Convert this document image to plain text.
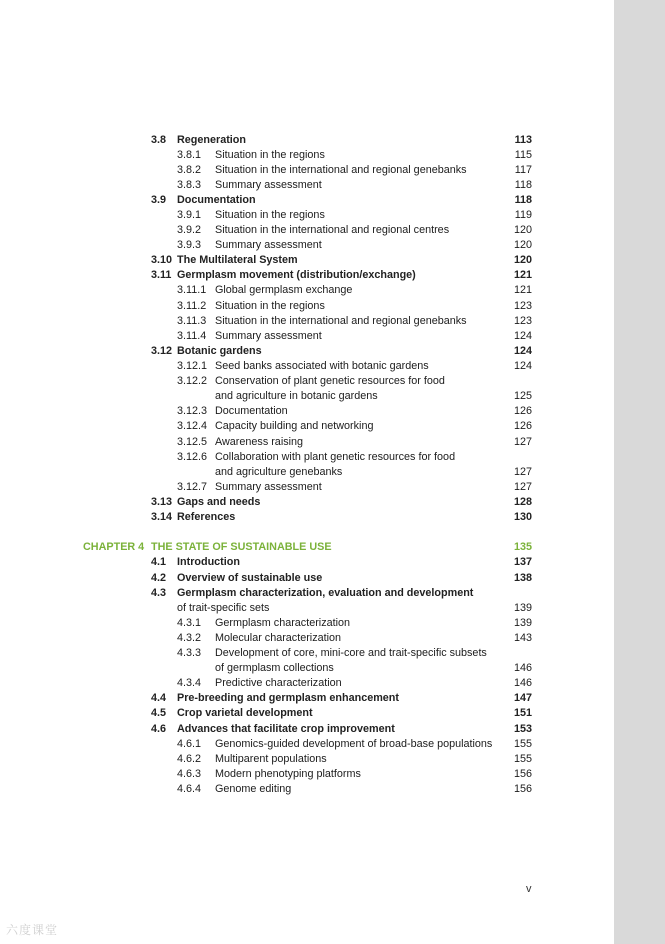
3.8 Regeneration	113
3.8.1 Situation in the regions	115
3.8.2 Situation in the international and regional genebanks	117
3.8.3 Summary assessment	118
3.9 Documentation	118
3.9.1 Situation in the regions	119
3.9.2 Situation in the international and regional centres	120
3.9.3 Summary assessment	120
3.10 The Multilateral System	120
3.11 Germplasm movement (distribution/exchange)	121
3.11.1 Global germplasm exchange	121
3.11.2 Situation in the regions	123
3.11.3 Situation in the international and regional genebanks	123
3.11.4 Summary assessment	124
3.12 Botanic gardens	124
3.12.1 Seed banks associated with botanic gardens	124
3.12.2 Conservation of plant genetic resources for food
and agriculture in botanic gardens	125
3.12.3 Documentation	126
3.12.4 Capacity building and networking	126
3.12.5 Awareness raising	127
3.12.6 Collaboration with plant genetic resources for food
and agriculture genebanks	127
3.12.7 Summary assessment	127
3.13 Gaps and needs	128
3.14 References	130
CHAPTER 4 THE STATE OF SUSTAINABLE USE	135
4.1 Introduction	137
4.2 Overview of sustainable use	138
4.3 Germplasm characterization, evaluation and development
of trait-specific sets	139
4.3.1 Germplasm characterization	139
4.3.2 Molecular characterization	143
4.3.3 Development of core, mini-core and trait-specific subsets
of germplasm collections	146
4.3.4 Predictive characterization	146
4.4 Pre-breeding and germplasm enhancement	147
4.5 Crop varietal development	151
4.6 Advances that facilitate crop improvement	153
4.6.1 Genomics-guided development of broad-base populations	155
4.6.2 Multiparent populations	155
4.6.3 Modern phenotyping platforms	156
4.6.4 Genome editing	156
v
六度课堂
